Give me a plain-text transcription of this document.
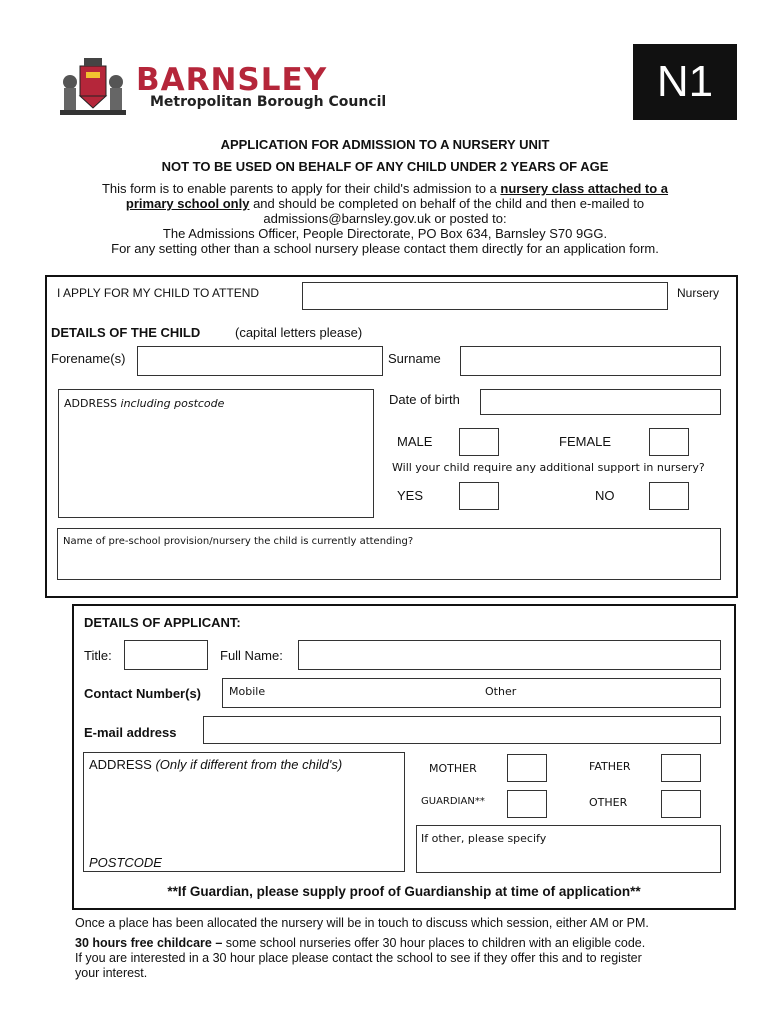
BARNSLEY
Metropolitan Borough Council	N1
APPLICATION FOR ADMISSION TO A NURSERY UNIT
NOT TO BE USED ON BEHALF OF ANY CHILD UNDER 2 YEARS OF AGE
This form is to enable parents to apply for their child's admission to a nursery class attached to a
primary school only and should be completed on behalf of the child and then e-mailed to
admissions@barnsley.gov.uk or posted to:
The Admissions Officer, People Directorate, PO Box 634, Barnsley S70 9GG.
For any setting other than a school nursery please contact them directly for an application form.
I APPLY FOR MY CHILD TO ATTEND	Nursery
DETAILS OF THE CHILD	(capital letters please)
Forename(s)	Surname
ADDRESS including postcode	Date of birth
MALE	FEMALE
Will your child require any additional support in nursery?
YES	NO
Name of pre-school provision/nursery the child is currently attending?
DETAILS OF APPLICANT:
Title:	Full Name:
Contact Number(s)	Mobile	Other
E-mail address
ADDRESS (Only if different from the child's)
POSTCODE
MOTHER	FATHER
GUARDIAN**	OTHER
If other, please specify
**If Guardian, please supply proof of Guardianship at time of application**
Once a place has been allocated the nursery will be in touch to discuss which session, either AM or PM.
30 hours free childcare – some school nurseries offer 30 hour places to children with an eligible code.
If you are interested in a 30 hour place please contact the school to see if they offer this and to register
your interest.
